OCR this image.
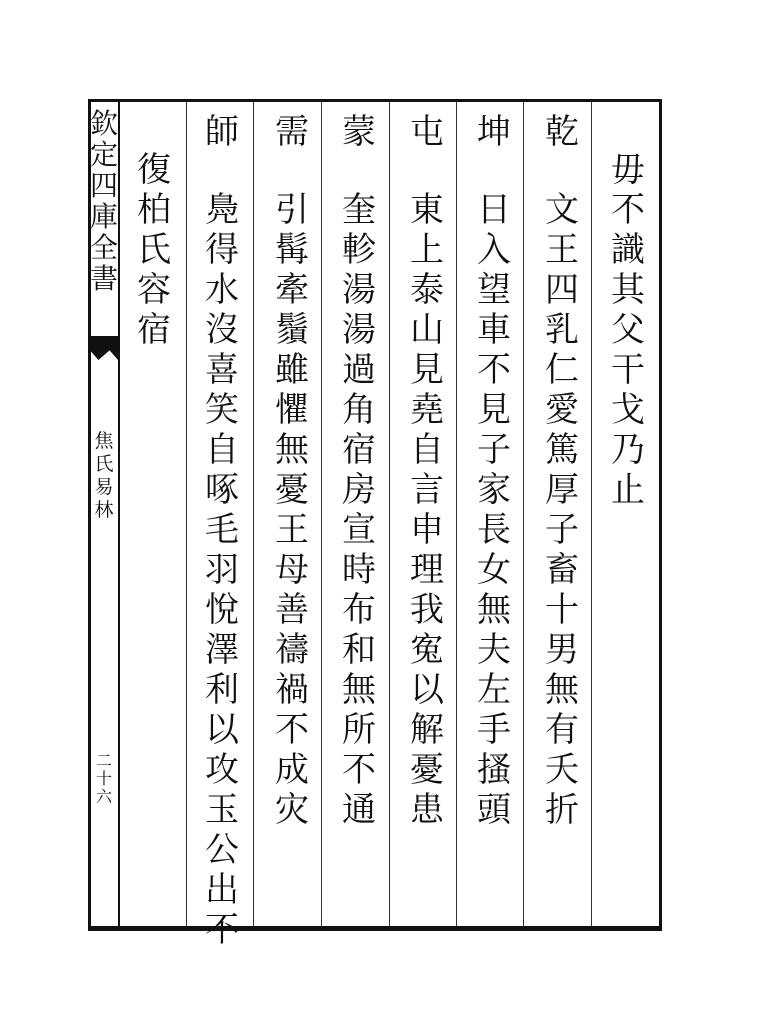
欽
定
四
庫
全
書
焦
氏
易
林
二
十
六
毋
不
識
其
父
干
戈
乃
止
乾
文
王
四
乳
仁
愛
篤
厚
子
畜
十
男
無
有
夭
折
坤
日
入
望
車
不
見
子
家
長
女
無
夫
左
手
搔
頭
屯
東
上
泰
山
見
堯
自
言
申
理
我
寃
以
解
憂
患
蒙
奎
軫
湯
湯
過
角
宿
房
宣
時
布
和
無
所
不
通
需
引
髯
牽
鬚
雖
懼
無
憂
王
母
善
禱
禍
不
成
灾
師
鳧
得
水
沒
喜
笑
自
啄
毛
羽
悅
澤
利
以
攻
玉
公
出
不
復
柏
氏
容
宿
